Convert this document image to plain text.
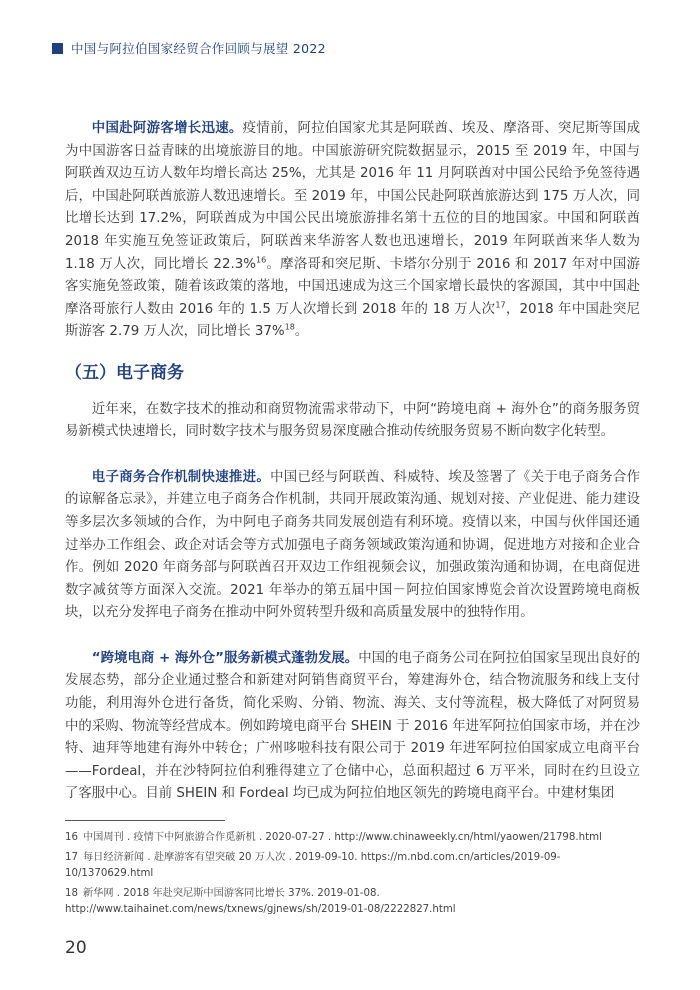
中国与阿拉伯国家经贸合作回顾与展望 2022

中国赴阿游客增长迅速。疫情前，阿拉伯国家尤其是阿联酋、埃及、摩洛哥、突尼斯等国成为中国游客日益青睐的出境旅游目的地。中国旅游研究院数据显示，2015 至 2019 年，中国与阿联酋双边互访人数年均增长高达 25%，尤其是 2016 年 11 月阿联酋对中国公民给予免签待遇后，中国赴阿联酋旅游人数迅速增长。至 2019 年，中国公民赴阿联酋旅游达到 175 万人次，同比增长达到 17.2%，阿联酋成为中国公民出境旅游排名第十五位的目的地国家。中国和阿联酋 2018 年实施互免签证政策后，阿联酋来华游客人数也迅速增长，2019 年阿联酋来华人数为 1.18 万人次，同比增长 22.3%$^{16}$。摩洛哥和突尼斯、卡塔尔分别于 2016 和 2017 年对中国游客实施免签政策，随着该政策的落地，中国迅速成为这三个国家增长最快的客源国，其中中国赴摩洛哥旅行人数由 2016 年的 1.5 万人次增长到 2018 年的 18 万人次$^{17}$，2018 年中国赴突尼斯游客 2.79 万人次，同比增长 37%$^{18}$。

（五）电子商务

近年来，在数字技术的推动和商贸物流需求带动下，中阿“跨境电商 + 海外仓”的商务服务贸易新模式快速增长，同时数字技术与服务贸易深度融合推动传统服务贸易不断向数字化转型。

电子商务合作机制快速推进。中国已经与阿联酋、科威特、埃及签署了《关于电子商务合作的谅解备忘录》，并建立电子商务合作机制，共同开展政策沟通、规划对接、产业促进、能力建设等多层次多领域的合作，为中阿电子商务共同发展创造有利环境。疫情以来，中国与伙伴国还通过举办工作组会、政企对话会等方式加强电子商务领域政策沟通和协调，促进地方对接和企业合作。例如 2020 年商务部与阿联酋召开双边工作组视频会议，加强政策沟通和协调，在电商促进数字减贫等方面深入交流。2021 年举办的第五届中国－阿拉伯国家博览会首次设置跨境电商板块，以充分发挥电子商务在推动中阿外贸转型升级和高质量发展中的独特作用。

“跨境电商 + 海外仓”服务新模式蓬勃发展。中国的电子商务公司在阿拉伯国家呈现出良好的发展态势，部分企业通过整合和新建对阿销售商贸平台，筹建海外仓，结合物流服务和线上支付功能，利用海外仓进行备货，简化采购、分销、物流、海关、支付等流程，极大降低了对阿贸易中的采购、物流等经营成本。例如跨境电商平台 SHEIN 于 2016 年进军阿拉伯国家市场，并在沙特、迪拜等地建有海外中转仓；广州哆啦科技有限公司于 2019 年进军阿拉伯国家成立电商平台——Fordeal，并在沙特阿拉伯利雅得建立了仓储中心，总面积超过 6 万平米，同时在约旦设立了客服中心。目前 SHEIN 和 Fordeal 均已成为阿拉伯地区领先的跨境电商平台。中建材集团

16 中国周刊 . 疫情下中阿旅游合作觅新机 . 2020-07-27 . http://www.chinaweekly.cn/html/yaowen/21798.html

17 每日经济新闻 . 赴摩游客有望突破 20 万人次 . 2019-09-10. https://m.nbd.com.cn/articles/2019-09-10/1370629.html

18 新华网 . 2018 年赴突尼斯中国游客同比增长 37%. 2019-01-08. http://www.taihainet.com/news/txnews/gjnews/sh/2019-01-08/2222827.html

20
